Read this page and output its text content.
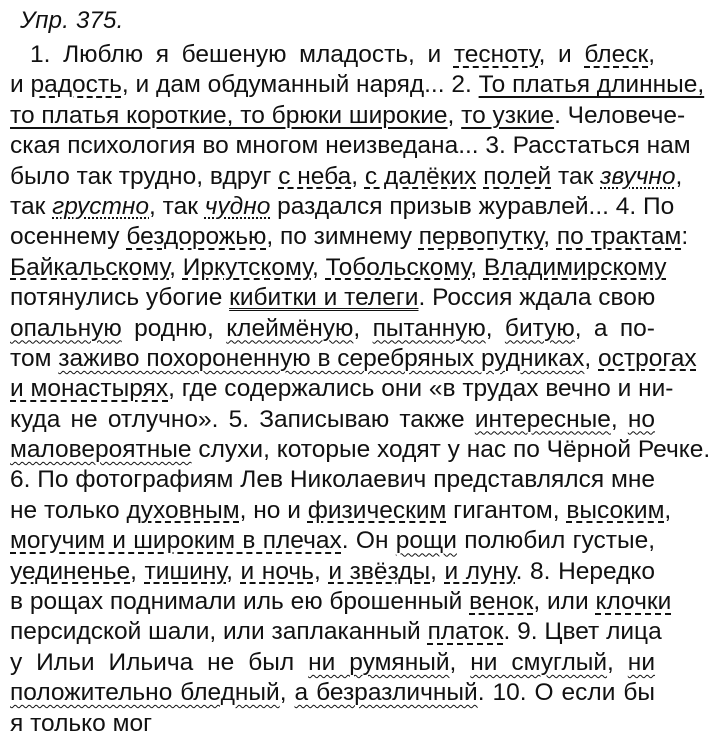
Упр. 375.
1. Люблю я бешеную младость, и тесноту, и блеск,
и радость, и дам обдуманный наряд... 2. То платья длинные,
то платья короткие, то брюки широкие, то узкие. Человече-
ская психология во многом неизведана... 3. Расстаться нам
было так трудно, вдруг с неба, с далёких полей так звучно,
так грустно, так чудно раздался призыв журавлей... 4. По
осеннему бездорожью, по зимнему первопутку, по трактам:
Байкальскому, Иркутскому, Тобольскому, Владимирскому
потянулись убогие кибитки и телеги. Россия ждала свою
опальную родню, клеймёную, пытанную, битую, а по-
том заживо похороненную в серебряных рудниках, острогах
и монастырях, где содержались они «в трудах вечно и ни-
куда не отлучно». 5. Записываю также интересные, но
маловероятные слухи, которые ходят у нас по Чёрной Речке.
6. По фотографиям Лев Николаевич представлялся мне
не только духовным, но и физическим гигантом, высоким,
могучим и широким в плечах. Он рощи полюбил густые,
уединенье, тишину, и ночь, и звёзды, и луну. 8. Нередко
в рощах поднимали иль ею брошенный венок, или клочки
персидской шали, или заплаканный платок. 9. Цвет лица
у Ильи Ильича не был ни румяный, ни смуглый, ни
положительно бледный, а безразличный. 10. О если бы
я только мог
